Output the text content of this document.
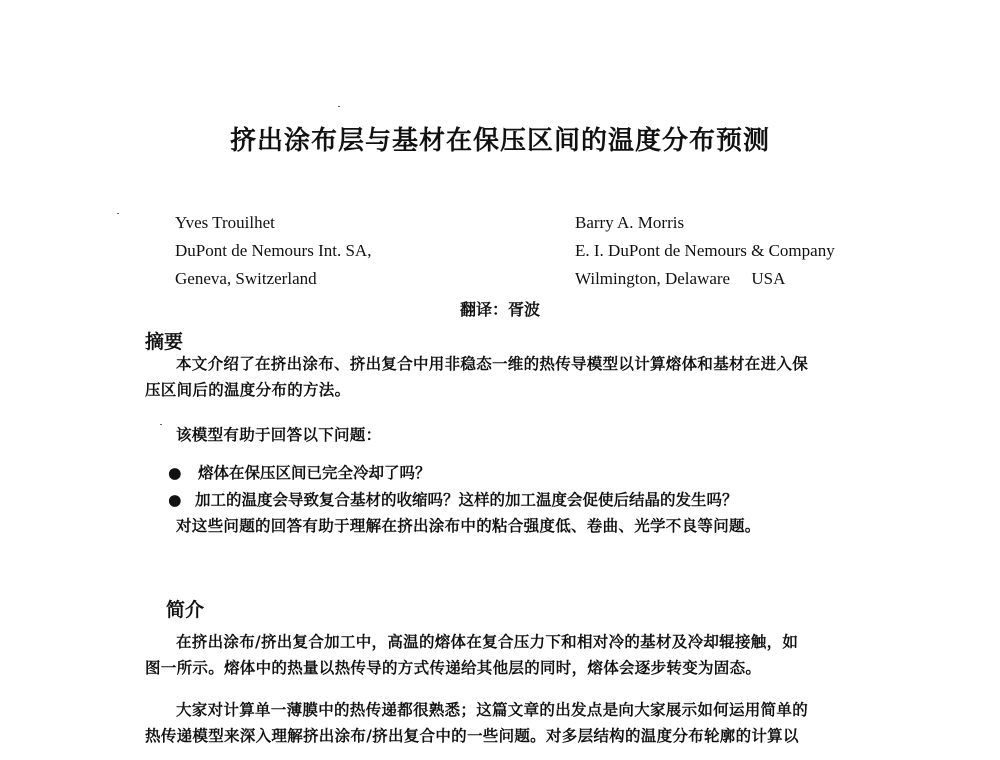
挤出涂布层与基材在保压区间的温度分布预测
Yves Trouilhet
DuPont de Nemours Int. SA,
Geneva, Switzerland
Barry A. Morris
E. I. DuPont de Nemours & Company
Wilmington, Delaware     USA
翻译：胥波
摘要
本文介绍了在挤出涂布、挤出复合中用非稳态一维的热传导模型以计算熔体和基材在进入保
压区间后的温度分布的方法。
该模型有助于回答以下问题：
● 熔体在保压区间已完全冷却了吗？
● 加工的温度会导致复合基材的收缩吗？这样的加工温度会促使后结晶的发生吗？
对这些问题的回答有助于理解在挤出涂布中的粘合强度低、卷曲、光学不良等问题。
简介
在挤出涂布/挤出复合加工中，高温的熔体在复合压力下和相对冷的基材及冷却辊接触，如
图一所示。熔体中的热量以热传导的方式传递给其他层的同时，熔体会逐步转变为固态。
大家对计算单一薄膜中的热传递都很熟悉；这篇文章的出发点是向大家展示如何运用简单的
热传递模型来深入理解挤出涂布/挤出复合中的一些问题。对多层结构的温度分布轮廓的计算以
